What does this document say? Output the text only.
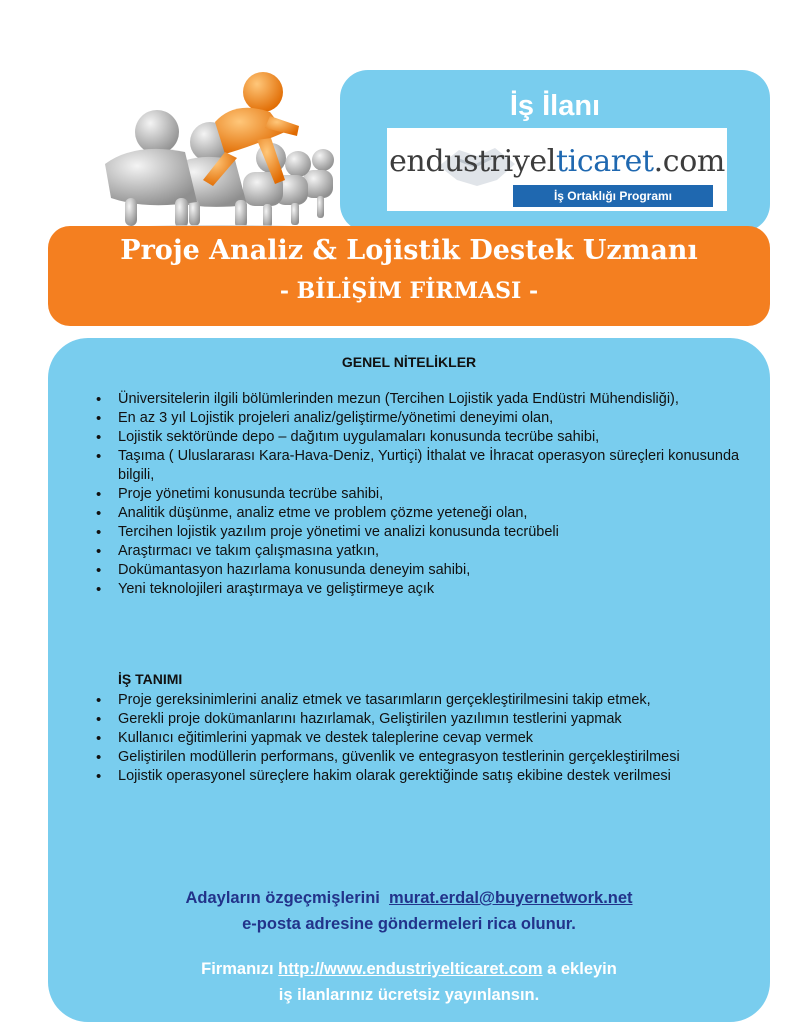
İş İlanı
endustriyelticaret.com
İş Ortaklığı Programı
Proje Analiz & Lojistik Destek Uzmanı
- BİLİŞİM FİRMASI -
GENEL NİTELİKLER
• Üniversitelerin ilgili bölümlerinden mezun (Tercihen Lojistik yada Endüstri Mühendisliği),
• En az 3 yıl Lojistik projeleri analiz/geliştirme/yönetimi deneyimi olan,
• Lojistik sektöründe depo – dağıtım uygulamaları konusunda tecrübe sahibi,
• Taşıma ( Uluslararası Kara-Hava-Deniz, Yurtiçi) İthalat ve İhracat operasyon süreçleri konusunda bilgili,
• Proje yönetimi konusunda tecrübe sahibi,
• Analitik düşünme, analiz etme ve problem çözme yeteneği olan,
• Tercihen lojistik yazılım proje yönetimi ve analizi konusunda tecrübeli
• Araştırmacı ve takım çalışmasına yatkın,
• Dokümantasyon hazırlama konusunda deneyim sahibi,
• Yeni teknolojileri araştırmaya ve geliştirmeye açık
İŞ TANIMI
• Proje gereksinimlerini analiz etmek ve tasarımların gerçekleştirilmesini takip etmek,
• Gerekli proje dokümanlarını hazırlamak, Geliştirilen yazılımın testlerini yapmak
• Kullanıcı eğitimlerini yapmak ve destek taleplerine cevap vermek
• Geliştirilen modüllerin performans, güvenlik ve entegrasyon testlerinin gerçekleştirilmesi
• Lojistik operasyonel süreçlere hakim olarak gerektiğinde satış ekibine destek verilmesi
Adayların özgeçmişlerini murat.erdal@buyernetwork.net
e-posta adresine göndermeleri rica olunur.
Firmanızı http://www.endustriyelticaret.com a ekleyin
iş ilanlarınız ücretsiz yayınlansın.
